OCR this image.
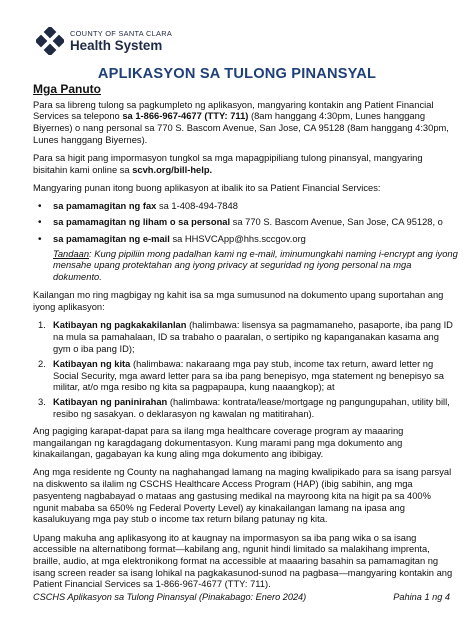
COUNTY OF SANTA CLARA
Health System
APLIKASYON SA TULONG PINANSYAL
Mga Panuto

Para sa libreng tulong sa pagkumpleto ng aplikasyon, mangyaring kontakin ang Patient Financial Services sa telepono sa 1-866-967-4677 (TTY: 711) (8am hanggang 4:30pm, Lunes hanggang Biyernes) o nang personal sa 770 S. Bascom Avenue, San Jose, CA 95128 (8am hanggang 4:30pm, Lunes hanggang Biyernes).

Para sa higit pang impormasyon tungkol sa mga mapagpipiliang tulong pinansyal, mangyaring bisitahin kami online sa scvh.org/bill-help.

Mangyaring punan itong buong aplikasyon at ibalik ito sa Patient Financial Services:

• sa pamamagitan ng fax sa 1-408-494-7848
• sa pamamagitan ng liham o sa personal sa 770 S. Bascom Avenue, San Jose, CA 95128, o
• sa pamamagitan ng e-mail sa HHSVCApp@hhs.sccgov.org

Tandaan: Kung pipiliin mong padalhan kami ng e-mail, iminumungkahi naming i-encrypt ang iyong mensahe upang protektahan ang iyong privacy at seguridad ng iyong personal na mga dokumento.

Kailangan mo ring magbigay ng kahit isa sa mga sumusunod na dokumento upang suportahan ang iyong aplikasyon:

1. Katibayan ng pagkakakilanlan (halimbawa: lisensya sa pagmamaneho, pasaporte, iba pang ID na mula sa pamahalaan, ID sa trabaho o paaralan, o sertipiko ng kapanganakan kasama ang gym o iba pang ID);
2. Katibayan ng kita (halimbawa: nakaraang mga pay stub, income tax return, award letter ng Social Security, mga award letter para sa iba pang benepisyo, mga statement ng benepisyo sa militar, at/o mga resibo ng kita sa pagpapaupa, kung naaangkop); at
3. Katibayan ng paninirahan (halimbawa: kontrata/lease/mortgage ng pangungupahan, utility bill, resibo ng sasakyan. o deklarasyon ng kawalan ng matitirahan).

Ang pagiging karapat-dapat para sa ilang mga healthcare coverage program ay maaaring mangailangan ng karagdagang dokumentasyon. Kung marami pang mga dokumento ang kinakailangan, gagabayan ka kung aling mga dokumento ang ibibigay.

Ang mga residente ng County na naghahangad lamang na maging kwalipikado para sa isang parsyal na diskwento sa ilalim ng CSCHS Healthcare Access Program (HAP) (ibig sabihin, ang mga pasyenteng nagbabayad o mataas ang gastusing medikal na mayroong kita na higit pa sa 400% ngunit mababa sa 650% ng Federal Poverty Level) ay kinakailangan lamang na ipasa ang kasalukuyang mga pay stub o income tax return bilang patunay ng kita.

Upang makuha ang aplikasyong ito at kaugnay na impormasyon sa iba pang wika o sa isang accessible na alternatibong format—kabilang ang, ngunit hindi limitado sa malakihang imprenta, braille, audio, at mga elektronikong format na accessible at maaaring basahin sa pamamagitan ng isang screen reader sa isang lohikal na pagkakasunod-sunod na pagbasa—mangyaring kontakin ang Patient Financial Services sa 1-866-967-4677 (TTY: 711).

CSCHS Aplikasyon sa Tulong Pinansyal (Pinakabago: Enero 2024)	Pahina 1 ng 4
